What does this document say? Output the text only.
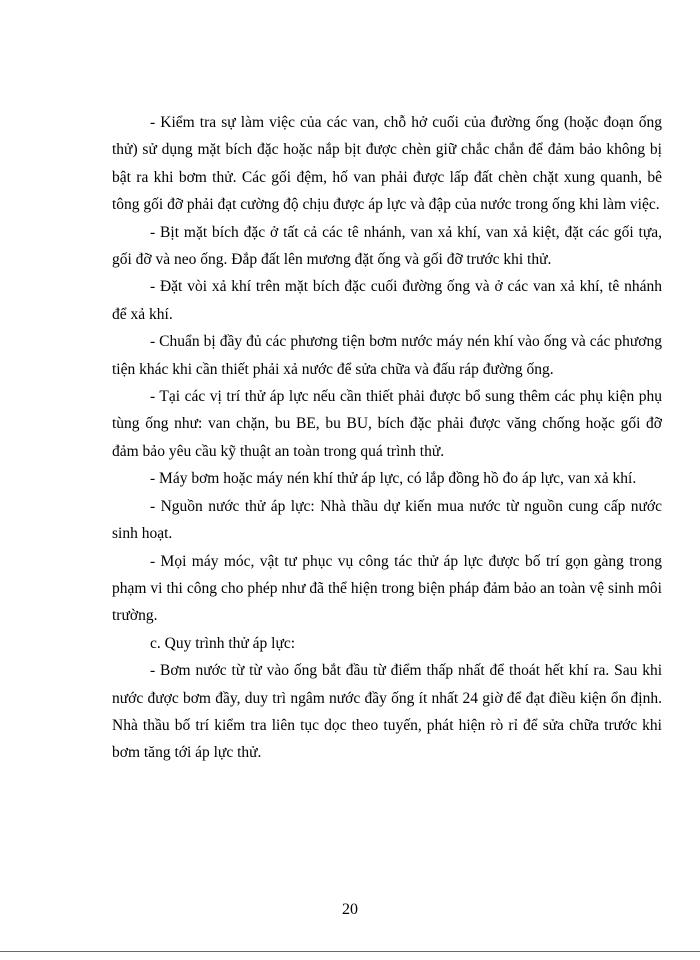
- Kiểm tra sự làm việc của các van, chỗ hở cuối của đường ống (hoặc đoạn ống thử) sử dụng mặt bích đặc hoặc nắp bịt được chèn giữ chắc chắn để đảm bảo không bị bật ra khi bơm thử. Các gối đệm, hố van phải được lấp đất chèn chặt xung quanh, bê tông gối đỡ phải đạt cường độ chịu được áp lực và đập của nước trong ống khi làm việc.

- Bịt mặt bích đặc ở tất cả các tê nhánh, van xả khí, van xả kiệt, đặt các gối tựa, gối đỡ và neo ống. Đắp đất lên mương đặt ống và gối đỡ trước khi thử.

- Đặt vòi xả khí trên mặt bích đặc cuối đường ống và ở các van xả khí, tê nhánh để xả khí.

- Chuẩn bị đầy đủ các phương tiện bơm nước máy nén khí vào ống và các phương tiện khác khi cần thiết phải xả nước để sửa chữa và đấu ráp đường ống.

- Tại các vị trí thử áp lực nếu cần thiết phải được bổ sung thêm các phụ kiện phụ tùng ống như: van chặn, bu BE, bu BU, bích đặc phải được văng chống hoặc gối đỡ đảm bảo yêu cầu kỹ thuật an toàn trong quá trình thử.

- Máy bơm hoặc máy nén khí thử áp lực, có lắp đồng hồ đo áp lực, van xả khí.

- Nguồn nước thử áp lực: Nhà thầu dự kiến mua nước từ nguồn cung cấp nước sinh hoạt.

- Mọi máy móc, vật tư phục vụ công tác thử áp lực được bố trí gọn gàng trong phạm vi thi công cho phép như đã thể hiện trong biện pháp đảm bảo an toàn vệ sinh môi trường.

c. Quy trình thử áp lực:

- Bơm nước từ từ vào ống bắt đầu từ điểm thấp nhất để thoát hết khí ra. Sau khi nước được bơm đầy, duy trì ngâm nước đầy ống ít nhất 24 giờ để đạt điều kiện ổn định. Nhà thầu bố trí kiểm tra liên tục dọc theo tuyến, phát hiện rò rỉ để sửa chữa trước khi bơm tăng tới áp lực thử.

20
